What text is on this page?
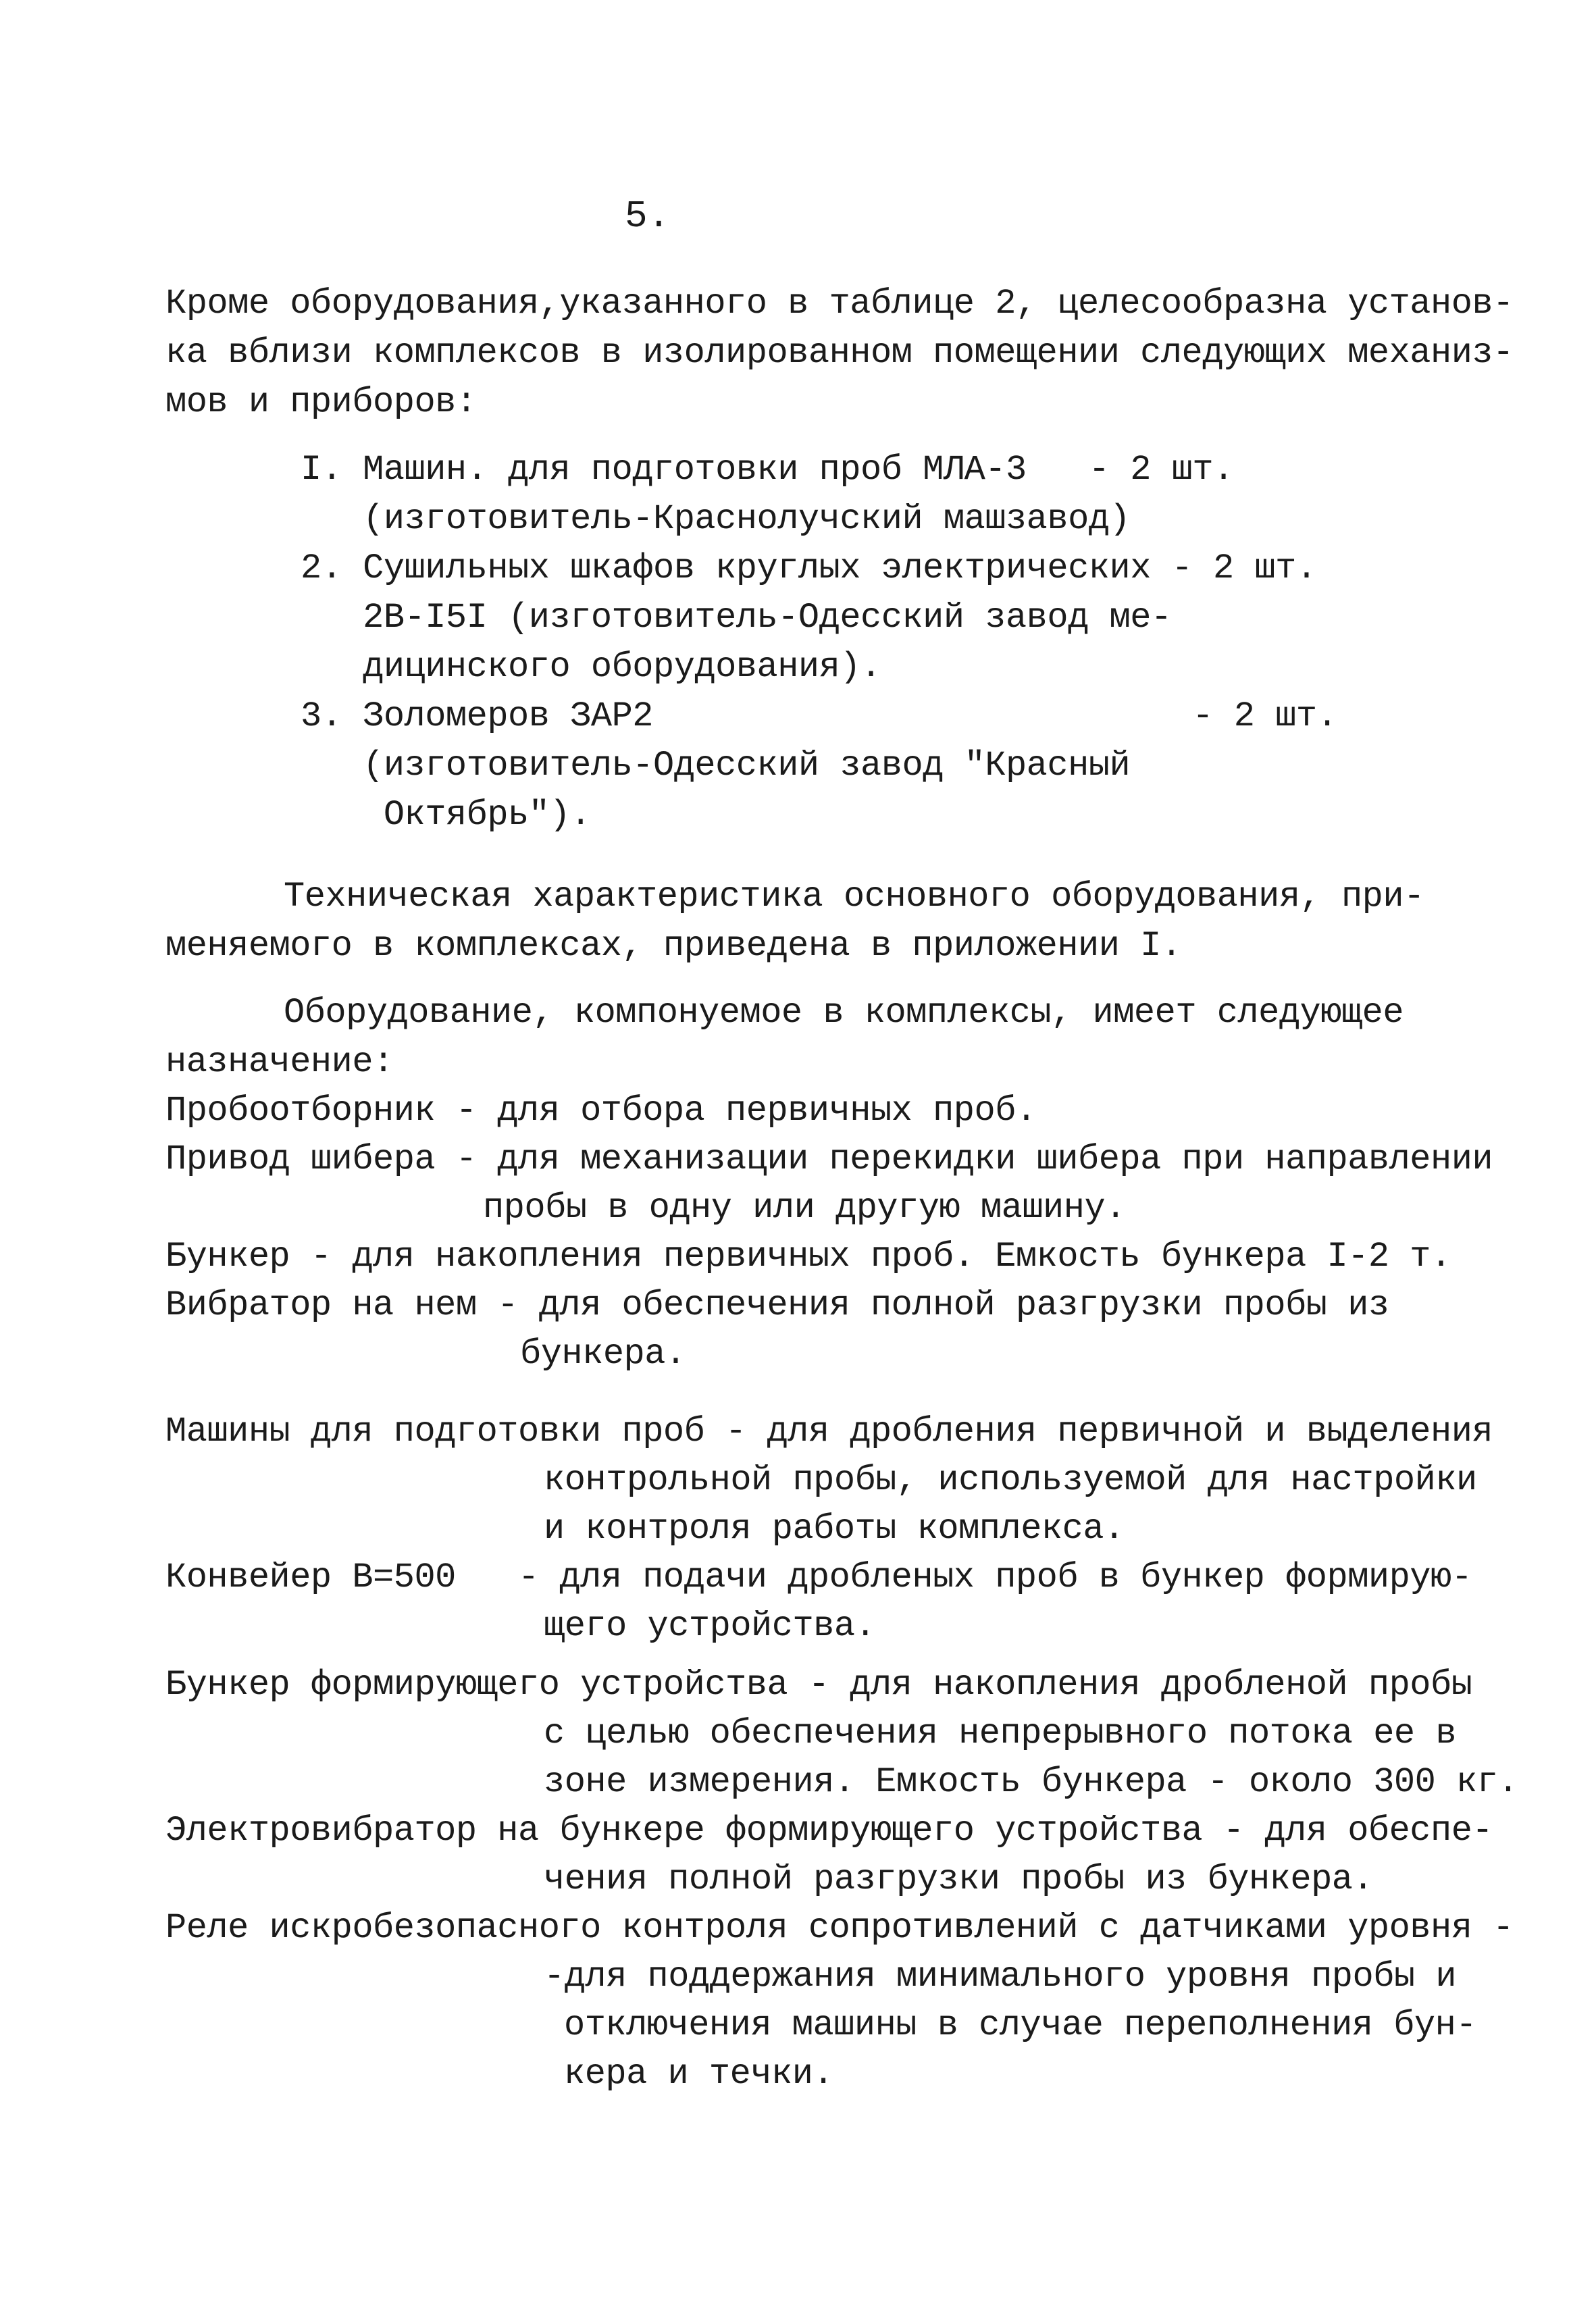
5.
Кроме оборудования,указанного в таблице 2, целесообразна установ-
ка вблизи комплексов в изолированном помещении следующих механиз-
мов и приборов:
I. Машин. для подготовки проб МЛА-3   - 2 шт.
(изготовитель-Краснолучский машзавод)
2. Сушильных шкафов круглых электрических - 2 шт.
2В-I5I (изготовитель-Одесский завод ме-
дицинского оборудования).
3. Золомеров ЗАР2                          - 2 шт.
(изготовитель-Одесский завод "Красный
Октябрь").
Техническая характеристика основного оборудования, при-
меняемого в комплексах, приведена в приложении I.
Оборудование, компонуемое в комплексы, имеет следующее
назначение:
Пробоотборник - для отбора первичных проб.
Привод шибера - для механизации перекидки шибера при направлении
пробы в одну или другую машину.
Бункер - для накопления первичных проб. Емкость бункера I-2 т.
Вибратор на нем - для обеспечения полной разгрузки пробы из
бункера.
Машины для подготовки проб - для дробления первичной и выделения
контрольной пробы, используемой для настройки
и контроля работы комплекса.
Конвейер В=500   - для подачи дробленых проб в бункер формирую-
щего устройства.
Бункер формирующего устройства - для накопления дробленой пробы
с целью обеспечения непрерывного потока ее в
зоне измерения. Емкость бункера - около 300 кг.
Электровибратор на бункере формирующего устройства - для обеспе-
чения полной разгрузки пробы из бункера.
Реле искробезопасного контроля сопротивлений с датчиками уровня -
-для поддержания минимального уровня пробы и
отключения машины в случае переполнения бун-
кера и течки.
